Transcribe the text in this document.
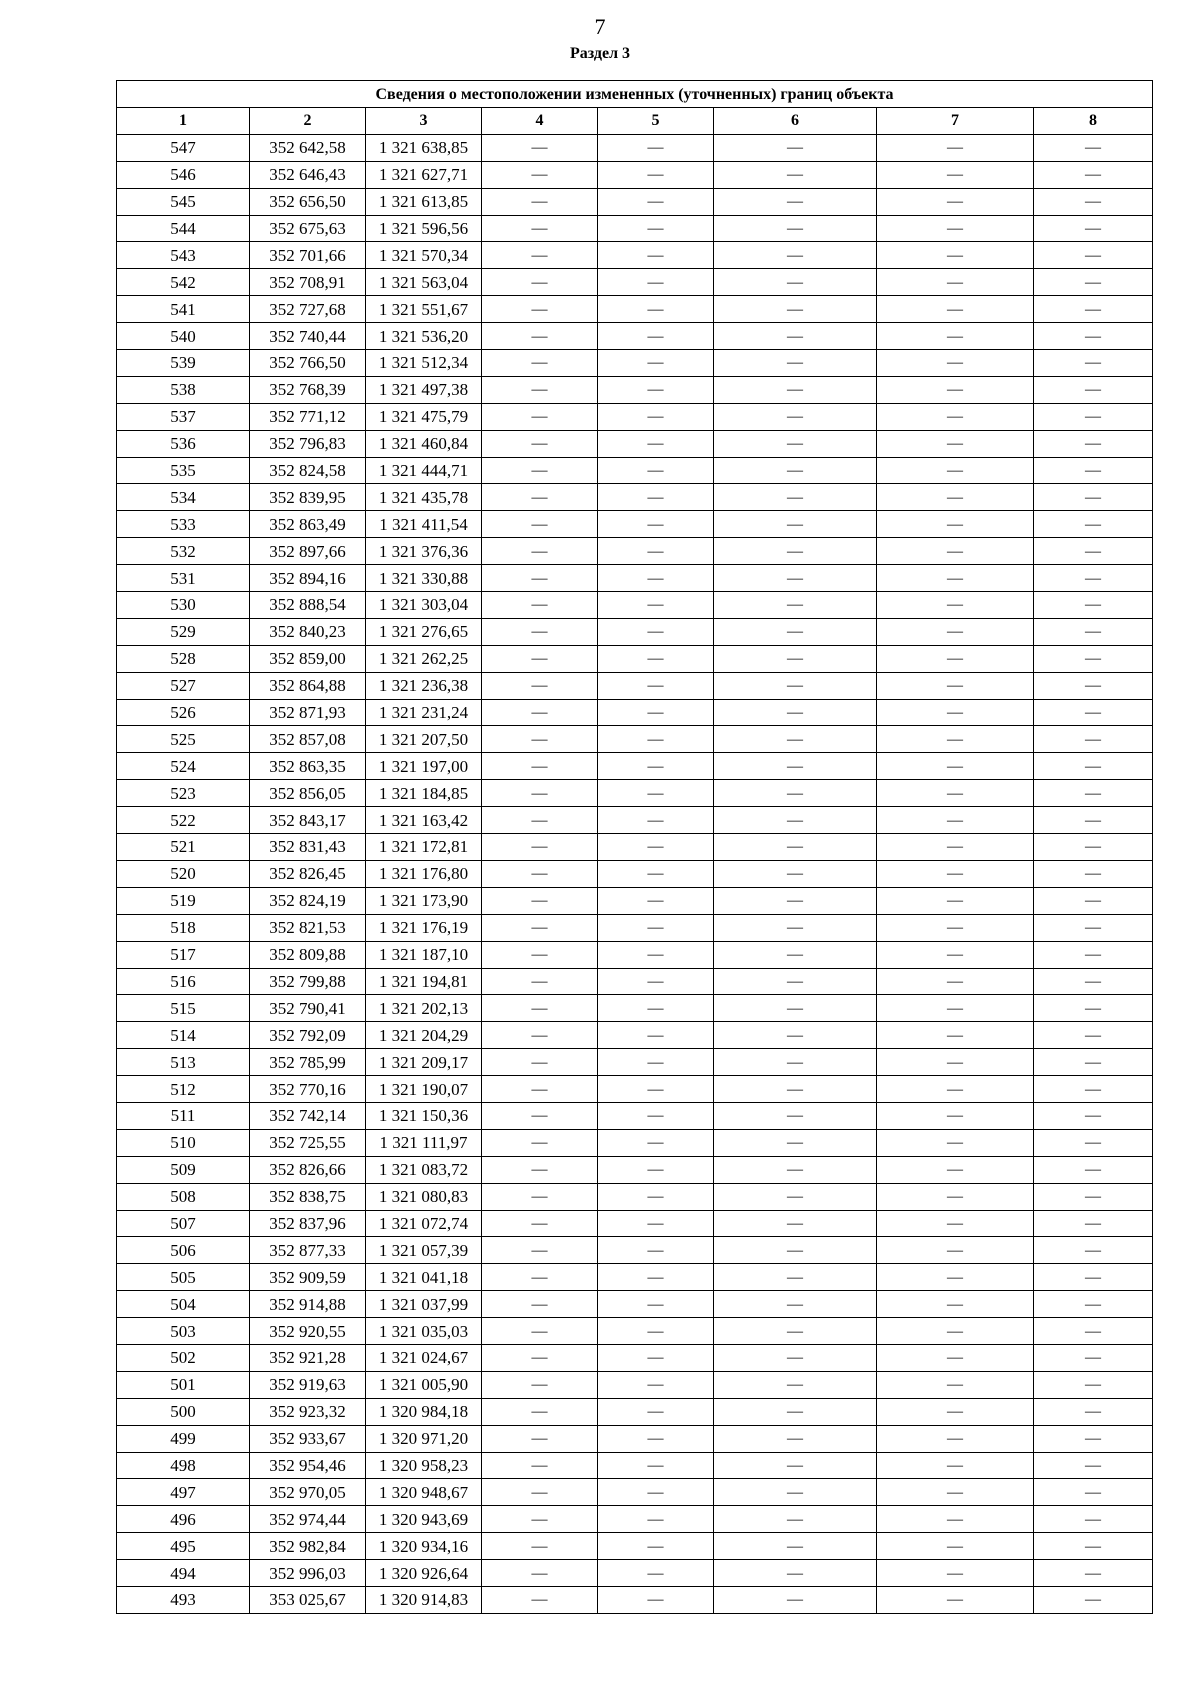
7
Раздел 3
Сведения о местоположении измененных (уточненных) границ объекта							
1	2	3	4	5	6	7	8
547	352 642,58	1 321 638,85	—	—	—	—	—
546	352 646,43	1 321 627,71	—	—	—	—	—
545	352 656,50	1 321 613,85	—	—	—	—	—
544	352 675,63	1 321 596,56	—	—	—	—	—
543	352 701,66	1 321 570,34	—	—	—	—	—
542	352 708,91	1 321 563,04	—	—	—	—	—
541	352 727,68	1 321 551,67	—	—	—	—	—
540	352 740,44	1 321 536,20	—	—	—	—	—
539	352 766,50	1 321 512,34	—	—	—	—	—
538	352 768,39	1 321 497,38	—	—	—	—	—
537	352 771,12	1 321 475,79	—	—	—	—	—
536	352 796,83	1 321 460,84	—	—	—	—	—
535	352 824,58	1 321 444,71	—	—	—	—	—
534	352 839,95	1 321 435,78	—	—	—	—	—
533	352 863,49	1 321 411,54	—	—	—	—	—
532	352 897,66	1 321 376,36	—	—	—	—	—
531	352 894,16	1 321 330,88	—	—	—	—	—
530	352 888,54	1 321 303,04	—	—	—	—	—
529	352 840,23	1 321 276,65	—	—	—	—	—
528	352 859,00	1 321 262,25	—	—	—	—	—
527	352 864,88	1 321 236,38	—	—	—	—	—
526	352 871,93	1 321 231,24	—	—	—	—	—
525	352 857,08	1 321 207,50	—	—	—	—	—
524	352 863,35	1 321 197,00	—	—	—	—	—
523	352 856,05	1 321 184,85	—	—	—	—	—
522	352 843,17	1 321 163,42	—	—	—	—	—
521	352 831,43	1 321 172,81	—	—	—	—	—
520	352 826,45	1 321 176,80	—	—	—	—	—
519	352 824,19	1 321 173,90	—	—	—	—	—
518	352 821,53	1 321 176,19	—	—	—	—	—
517	352 809,88	1 321 187,10	—	—	—	—	—
516	352 799,88	1 321 194,81	—	—	—	—	—
515	352 790,41	1 321 202,13	—	—	—	—	—
514	352 792,09	1 321 204,29	—	—	—	—	—
513	352 785,99	1 321 209,17	—	—	—	—	—
512	352 770,16	1 321 190,07	—	—	—	—	—
511	352 742,14	1 321 150,36	—	—	—	—	—
510	352 725,55	1 321 111,97	—	—	—	—	—
509	352 826,66	1 321 083,72	—	—	—	—	—
508	352 838,75	1 321 080,83	—	—	—	—	—
507	352 837,96	1 321 072,74	—	—	—	—	—
506	352 877,33	1 321 057,39	—	—	—	—	—
505	352 909,59	1 321 041,18	—	—	—	—	—
504	352 914,88	1 321 037,99	—	—	—	—	—
503	352 920,55	1 321 035,03	—	—	—	—	—
502	352 921,28	1 321 024,67	—	—	—	—	—
501	352 919,63	1 321 005,90	—	—	—	—	—
500	352 923,32	1 320 984,18	—	—	—	—	—
499	352 933,67	1 320 971,20	—	—	—	—	—
498	352 954,46	1 320 958,23	—	—	—	—	—
497	352 970,05	1 320 948,67	—	—	—	—	—
496	352 974,44	1 320 943,69	—	—	—	—	—
495	352 982,84	1 320 934,16	—	—	—	—	—
494	352 996,03	1 320 926,64	—	—	—	—	—
493	353 025,67	1 320 914,83	—	—	—	—	—
